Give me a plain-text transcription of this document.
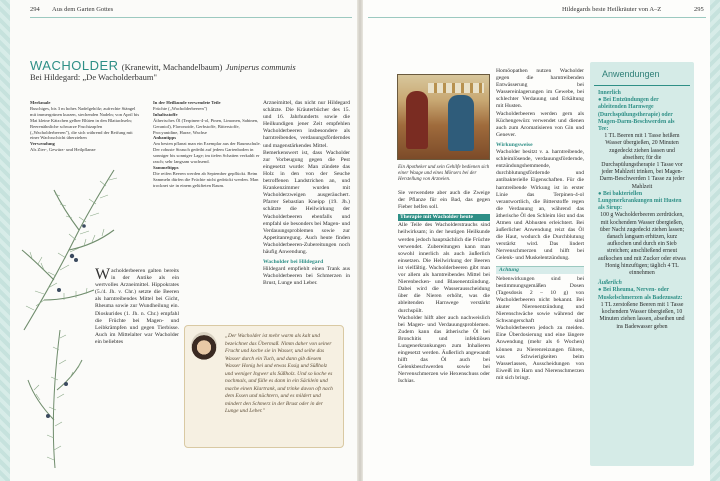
294 Aus dem Garten Gottes
WACHOLDER (Kranewitt, Machandelbaum) Juniperus communis
Bei Hildegard: „De Wacholderbaum"
Merkmale
Buschiges, bis 3 m hohes Nadelgehölz; aufrechte Stängel mit immergrünen kurzen, stechenden Nadeln; von April bis Mai kleine Kätzchen gelber Blüten in den Blattachseln; Beerenähnliche schwarze Fruchtzapfen („Wacholderbeeren"), die sich während der Reifung mit einer Wachsschicht überziehen
Verwendung
Als Zier-, Gewürz- und Heilpflanze
In der Heilkunde verwendete Teile
Früchte („Wacholderbeeren")
Inhaltsstoffe
Ätherisches Öl (Terpinen-4-ol, Pinen, Limonen, Sabinen, Geraniol), Flavonoide, Gerbstoffe, Bitterstoffe, Procyanidine, Harze, Wachse
Anbautipps
Am besten pflanzt man ein Exemplar aus der Baumschule. Der robuste Strauch gedeiht auf jedem Gartenboden in sonniger bis sonniger Lage; im tiefen Schatten verkahlt er rasch; sehr langsam wachsend.
Sammeltipps
Die reifen Beeren werden ab September gepflückt. Beim Sammeln dürfen die Früchte nicht gedrückt werden. Man trocknet sie in einem gelüfteten Raum.
Wacholderbeeren galten bereits in der Antike als ein wertvolles Arzneimittel. Hippokrates (5./4. Jh. v. Chr.) setzte die Beeren als harntreibendes Mittel bei Gicht, Rheuma sowie zur Wundheilung ein. Dioskurides (1. Jh. n. Chr.) empfahl die Früchte bei Magen- und Leibkrämpfen und gegen Tierbisse. Auch im Mittelalter war Wacholder ein beliebtes
Arzneimittel, das nicht nur Hildegard schätzte. Die Kräuterbücher des 15. und 16. Jahrhunderts sowie die Heilkundigen jener Zeit empfehlen Wacholderbeeren insbesondere als harntreibendes, verdauungsförderndes und magenstärkendes Mittel.
Bemerkenswert ist, dass Wacholder zur Vorbeugung gegen die Pest eingesetzt wurde: Man zündete das Holz in den von der Seuche betroffenen Landstrichen an, und Krankenzimmer wurden mit Wacholderzweigen ausgeräuchert. Pfarrer Sebastian Kneipp (19. Jh.) schätzte die Heilwirkung der Wacholderbeeren ebenfalls und empfahl sie besonders bei Magen- und Verdauungsproblemen sowie zur Appetitanregung. Auch heute finden Wacholderbeeren-Zubereitungen noch häufig Anwendung.
Wacholder bei Hildegard
Hildegard empfiehlt einen Trank aus Wacholderbeeren bei Schmerzen in Brust, Lunge und Leber.
„Der Wacholder ist mehr warm als kalt und bezeichnet das Übermaß. Nimm daher von seiner Frucht und koche sie in Wasser, und seihe das Wasser durch ein Tuch, und dann gib diesem Wasser Honig bei und etwas Essig und Süßholz und weniger Ingwer als Süßholz. Und so koche es nochmals, und fülle es dann in ein Säcklein und mache einen Klartrank, und trinke davon oft nach dem Essen und nüchtern, und es mildert und mindert den Schmerz in der Brust oder in der Lunge und Leber."
Hildegards beste Heilkräuter von A–Z	295
Ein Apotheker und sein Gehilfe bedienen sich einer Waage und eines Mörsers bei der Herstellung von Arzneien.
Sie verwendete aber auch die Zweige der Pflanze für ein Bad, das gegen Fieber helfen soll.
Therapie mit Wacholder heute
Alle Teile des Wacholderstrauchs sind heilwirksam; in der heutigen Heilkunde werden jedoch hauptsächlich die Früchte verwendet. Zubereitungen kann man sowohl innerlich als auch äußerlich einsetzen. Die Heilwirkung der Beeren ist vielfältig. Wacholderbeeren gibt man vor allem als harntreibendes Mittel bei Nierenbecken- und Blasenentzündung. Dabei wird die Wasserausscheidung über die Nieren erhöht, was die ableitenden Harnwege verstärkt durchspült.
Wacholder hilft aber auch nachweislich bei Magen- und Verdauungsproblemen. Zudem kann das ätherische Öl bei Bronchitis und infektiösen Lungenerkrankungen zum Inhalieren eingesetzt werden. Äußerlich angewandt hilft das Öl auch bei Gelenkbeschwerden sowie bei Nervenschmerzen wie Hexenschuss oder Ischias.
Homöopathen nutzen Wacholder gegen die harntreibenden Entwässerung bei Wassereinlagerungen im Gewebe, bei schlechter Verdauung und Erkältung mit Husten.
Wacholderbeeren werden gern als Küchengewürz verwendet und dienen auch zum Aromatisieren von Gin und Genever.
Wirkungsweise
Wacholder besitzt v. a. harntreibende, schleimlösende, verdauungsfördernde, entzündungshemmende, durchblutungsfördernde und antibakterielle Eigenschaften. Für die harntreibende Wirkung ist in erster Linie das Terpinen-4-ol verantwortlich, die Bitterstoffe regen die Verdauung an, während das ätherische Öl den Schleim löst und das Atmen und Abhusten erleichtert. Bei äußerlicher Anwendung reizt das Öl die Haut, wodurch die Durchblutung verstärkt wird. Das lindert Nervenschmerzen und hilft bei Gelenk- und Muskelentzündung.
Achtung
Nebenwirkungen sind bei bestimmungsgemäßen Dosen (Tagesdosis 2 – 10 g) von Wacholderbeeren nicht bekannt. Bei akuter Nierenentzündung und Nierenschwäche sowie während der Schwangerschaft sind Wacholderbeeren jedoch zu meiden. Eine Überdosierung und eine längere Anwendung (mehr als 6 Wochen) können zu Nierenreizungen führen, was Schwierigkeiten beim Wasserlassen, Ausscheidungen von Eiweiß im Harn und Nierenschmerzen mit sich bringt.
Anwendungen
Innerlich
● Bei Entzündungen der ableitenden Harnwege (Durchspülungstherapie) oder Magen-Darm-Beschwerden als Tee:
1 TL Beeren mit 1 Tasse heißem Wasser übergießen, 20 Minuten zugedeckt ziehen lassen und abseihen; für die Durchspülungstherapie 1 Tasse vor jeder Mahlzeit trinken, bei Magen-Darm-Beschwerden 1 Tasse zu jeder Mahlzeit
● Bei bakteriellen Lungenerkrankungen mit Husten als Sirup:
100 g Wacholderbeeren zerdrücken, mit kochendem Wasser übergießen, über Nacht zugedeckt ziehen lassen; danach langsam erhitzen, kurz aufkochen und durch ein Sieb streichen; anschließend erneut aufkochen und mit Zucker oder etwas Honig hinzufügen; täglich 4 TL einnehmen
Äußerlich
● Bei Rheuma, Nerven- oder Muskelschmerzen als Badezusatz:
1 TL zerstoßene Beeren mit 1 Tasse kochendem Wasser übergießen, 10 Minuten ziehen lassen, abseihen und ins Badewasser geben
